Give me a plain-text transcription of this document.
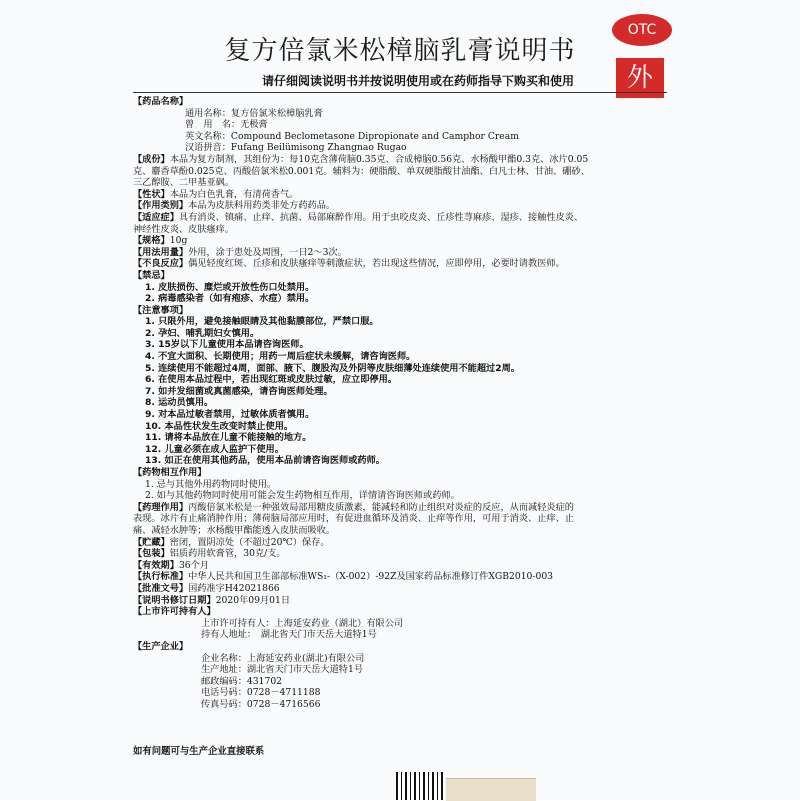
复方倍氯米松樟脑乳膏说明书
OTC
外
请仔细阅读说明书并按说明使用或在药师指导下购买和使用
【药品名称】
通用名称：复方倍氯米松樟脑乳膏
曾　用　名：无极膏
英文名称：Compound Beclometasone Dipropionate and Camphor Cream
汉语拼音：Fufang Beilümisong Zhangnao Rugao
【成份】本品为复方制剂，其组份为：每10克含薄荷脑0.35克、合成樟脑0.56克、水杨酸甲酯0.3克、冰片0.05
克、麝香草酚0.025克、丙酸倍氯米松0.001克。辅料为：硬脂酸、单双硬脂酸甘油酯、白凡士林、甘油、硼砂、
三乙醇胺、二甲基亚砜。
【性状】本品为白色乳膏，有清荷香气。
【作用类别】本品为皮肤科用药类非处方药药品。
【适应症】具有消炎、镇痛、止痒、抗菌、局部麻醉作用。用于虫咬皮炎、丘疹性荨麻疹、湿疹、接触性皮炎、
神经性皮炎、皮肤瘙痒。
【规格】10g
【用法用量】外用，涂于患处及周围，一日2～3次。
【不良反应】偶见轻度红斑、丘疹和皮肤瘙痒等刺激症状，若出现这些情况，应即停用，必要时请教医师。
【禁忌】
1. 皮肤损伤、糜烂或开放性伤口处禁用。
2. 病毒感染者（如有疱疹、水痘）禁用。
【注意事项】
1. 只限外用，避免接触眼睛及其他黏膜部位，严禁口服。
2. 孕妇、哺乳期妇女慎用。
3. 15岁以下儿童使用本品请咨询医师。
4. 不宜大面积、长期使用；用药一周后症状未缓解，请咨询医师。
5. 连续使用不能超过4周，面部、腋下、腹股沟及外阴等皮肤细薄处连续使用不能超过2周。
6. 在使用本品过程中，若出现红斑或皮肤过敏，应立即停用。
7. 如并发细菌或真菌感染，请咨询医师处理。
8. 运动员慎用。
9. 对本品过敏者禁用，过敏体质者慎用。
10. 本品性状发生改变时禁止使用。
11. 请将本品放在儿童不能接触的地方。
12. 儿童必须在成人监护下使用。
13. 如正在使用其他药品，使用本品前请咨询医师或药师。
【药物相互作用】
1. 忌与其他外用药物同时使用。
2. 如与其他药物同时使用可能会发生药物相互作用，详情请咨询医师或药师。
【药理作用】丙酸倍氯米松是一种强效局部用糖皮质激素，能减轻和防止组织对炎症的反应，从而减轻炎症的
表现。冰片有止痛消肿作用；薄荷脑局部应用时，有促进血循环及消炎、止痒等作用，可用于消炎、止痒、止
痛、减轻水肿等；水杨酸甲酯能透入皮肤而吸收。
【贮藏】密闭，置阴凉处（不超过20℃）保存。
【包装】铝质药用软膏管，30克/支。
【有效期】36个月
【执行标准】中华人民共和国卫生部部标准WS₁-（X-002）-92Z及国家药品标准修订件XGB2010-003
【批准文号】国药准字H42021866
【说明书修订日期】2020年09月01日
【上市许可持有人】
上市许可持有人：上海延安药业（湖北）有限公司
持有人地址：　湖北省天门市天岳大道特1号
【生产企业】
企业名称：上海延安药业(湖北)有限公司
生产地址：湖北省天门市天岳大道特1号
邮政编码：431702
电话号码：0728－4711188
传真号码：0728－4716566
如有问题可与生产企业直接联系
